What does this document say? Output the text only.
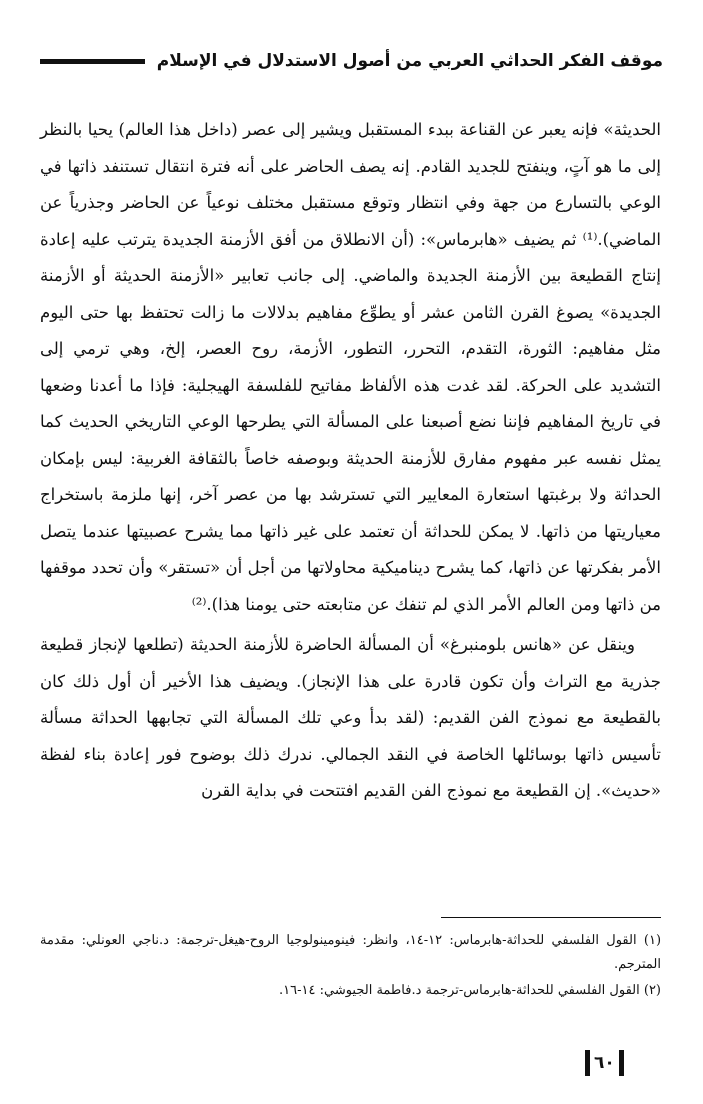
موقف الفكر الحداثي العربي من أصول الاستدلال في الإسلام

الحديثة» فإنه يعبر عن القناعة ببدء المستقبل ويشير إلى عصر (داخل هذا العالم) يحيا بالنظر إلى ما هو آتٍ، وينفتح للجديد القادم. إنه يصف الحاضر على أنه فترة انتقال تستنفد ذاتها في الوعي بالتسارع من جهة وفي انتظار وتوقع مستقبل مختلف نوعياً عن الحاضر وجذرياً عن الماضي).⁽¹⁾ ثم يضيف «هابرماس»: (أن الانطلاق من أفق الأزمنة الجديدة يترتب عليه إعادة إنتاج القطيعة بين الأزمنة الجديدة والماضي. إلى جانب تعابير «الأزمنة الحديثة أو الأزمنة الجديدة» يصوغ القرن الثامن عشر أو يطوِّع مفاهيم بدلالات ما زالت تحتفظ بها حتى اليوم مثل مفاهيم: الثورة، التقدم، التحرر، التطور، الأزمة، روح العصر، إلخ، وهي ترمي إلى التشديد على الحركة. لقد غدت هذه الألفاظ مفاتيح للفلسفة الهيجلية: فإذا ما أعدنا وضعها في تاريخ المفاهيم فإننا نضع أصبعنا على المسألة التي يطرحها الوعي التاريخي الحديث كما يمثل نفسه عبر مفهوم مفارق للأزمنة الحديثة وبوصفه خاصاً بالثقافة الغربية: ليس بإمكان الحداثة ولا برغبتها استعارة المعايير التي تسترشد بها من عصر آخر، إنها ملزمة باستخراج معياريتها من ذاتها. لا يمكن للحداثة أن تعتمد على غير ذاتها مما يشرح عصبيتها عندما يتصل الأمر بفكرتها عن ذاتها، كما يشرح ديناميكية محاولاتها من أجل أن «تستقر» وأن تحدد موقفها من ذاتها ومن العالم الأمر الذي لم تنفك عن متابعته حتى يومنا هذا).⁽²⁾

وينقل عن «هانس بلومنبرغ» أن المسألة الحاضرة للأزمنة الحديثة (تطلعها لإنجاز قطيعة جذرية مع التراث وأن تكون قادرة على هذا الإنجاز). ويضيف هذا الأخير أن أول ذلك كان بالقطيعة مع نموذج الفن القديم: (لقد بدأ وعي تلك المسألة التي تجابهها الحداثة مسألة تأسيس ذاتها بوسائلها الخاصة في النقد الجمالي. ندرك ذلك بوضوح فور إعادة بناء لفظة «حديث». إن القطيعة مع نموذج الفن القديم افتتحت في بداية القرن

(١) القول الفلسفي للحداثة-هابرماس: ١٢-١٤، وانظر: فينومينولوجيا الروح-هيغل-ترجمة: د.ناجي العونلي: مقدمة المترجم.

(٢) القول الفلسفي للحداثة-هابرماس-ترجمة د.فاطمة الجيوشي: ١٤-١٦.

٦٠
